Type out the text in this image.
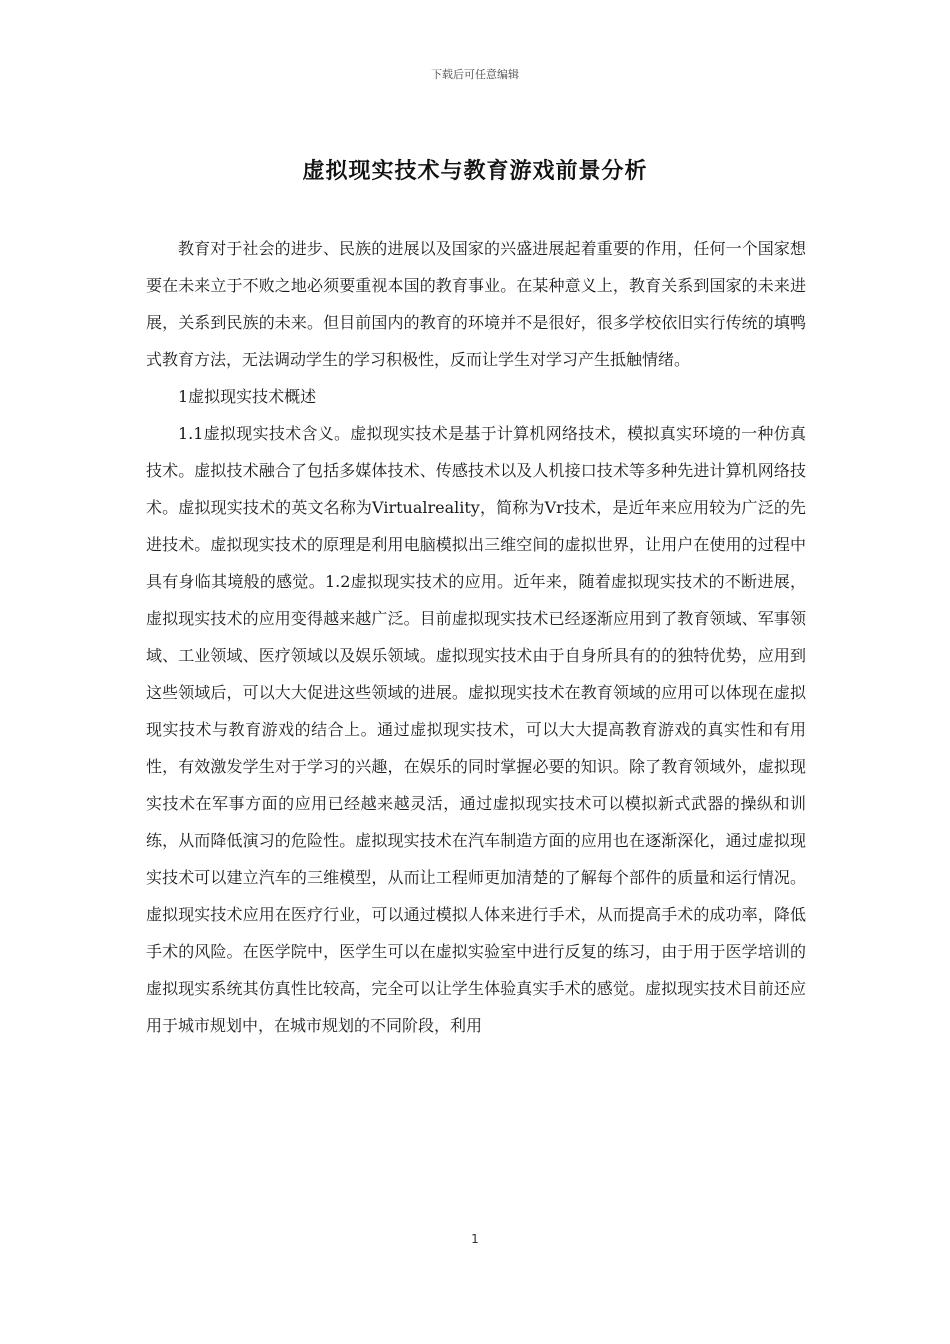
下载后可任意编辑
虚拟现实技术与教育游戏前景分析

教育对于社会的进步、民族的进展以及国家的兴盛进展起着重要的作用，任何一个国家想要在未来立于不败之地必须要重视本国的教育事业。在某种意义上，教育关系到国家的未来进展，关系到民族的未来。但目前国内的教育的环境并不是很好，很多学校依旧实行传统的填鸭式教育方法，无法调动学生的学习积极性，反而让学生对学习产生抵触情绪。

1虚拟现实技术概述

1.1虚拟现实技术含义。虚拟现实技术是基于计算机网络技术，模拟真实环境的一种仿真技术。虚拟技术融合了包括多媒体技术、传感技术以及人机接口技术等多种先进计算机网络技术。虚拟现实技术的英文名称为Virtualreality，简称为Vr技术，是近年来应用较为广泛的先进技术。虚拟现实技术的原理是利用电脑模拟出三维空间的虚拟世界，让用户在使用的过程中具有身临其境般的感觉。1.2虚拟现实技术的应用。近年来，随着虚拟现实技术的不断进展，虚拟现实技术的应用变得越来越广泛。目前虚拟现实技术已经逐渐应用到了教育领域、军事领域、工业领域、医疗领域以及娱乐领域。虚拟现实技术由于自身所具有的的独特优势，应用到这些领域后，可以大大促进这些领域的进展。虚拟现实技术在教育领域的应用可以体现在虚拟现实技术与教育游戏的结合上。通过虚拟现实技术，可以大大提高教育游戏的真实性和有用性，有效激发学生对于学习的兴趣，在娱乐的同时掌握必要的知识。除了教育领域外，虚拟现实技术在军事方面的应用已经越来越灵活，通过虚拟现实技术可以模拟新式武器的操纵和训练，从而降低演习的危险性。虚拟现实技术在汽车制造方面的应用也在逐渐深化，通过虚拟现实技术可以建立汽车的三维模型，从而让工程师更加清楚的了解每个部件的质量和运行情况。虚拟现实技术应用在医疗行业，可以通过模拟人体来进行手术，从而提高手术的成功率，降低手术的风险。在医学院中，医学生可以在虚拟实验室中进行反复的练习，由于用于医学培训的虚拟现实系统其仿真性比较高，完全可以让学生体验真实手术的感觉。虚拟现实技术目前还应用于城市规划中，在城市规划的不同阶段，利用

1
